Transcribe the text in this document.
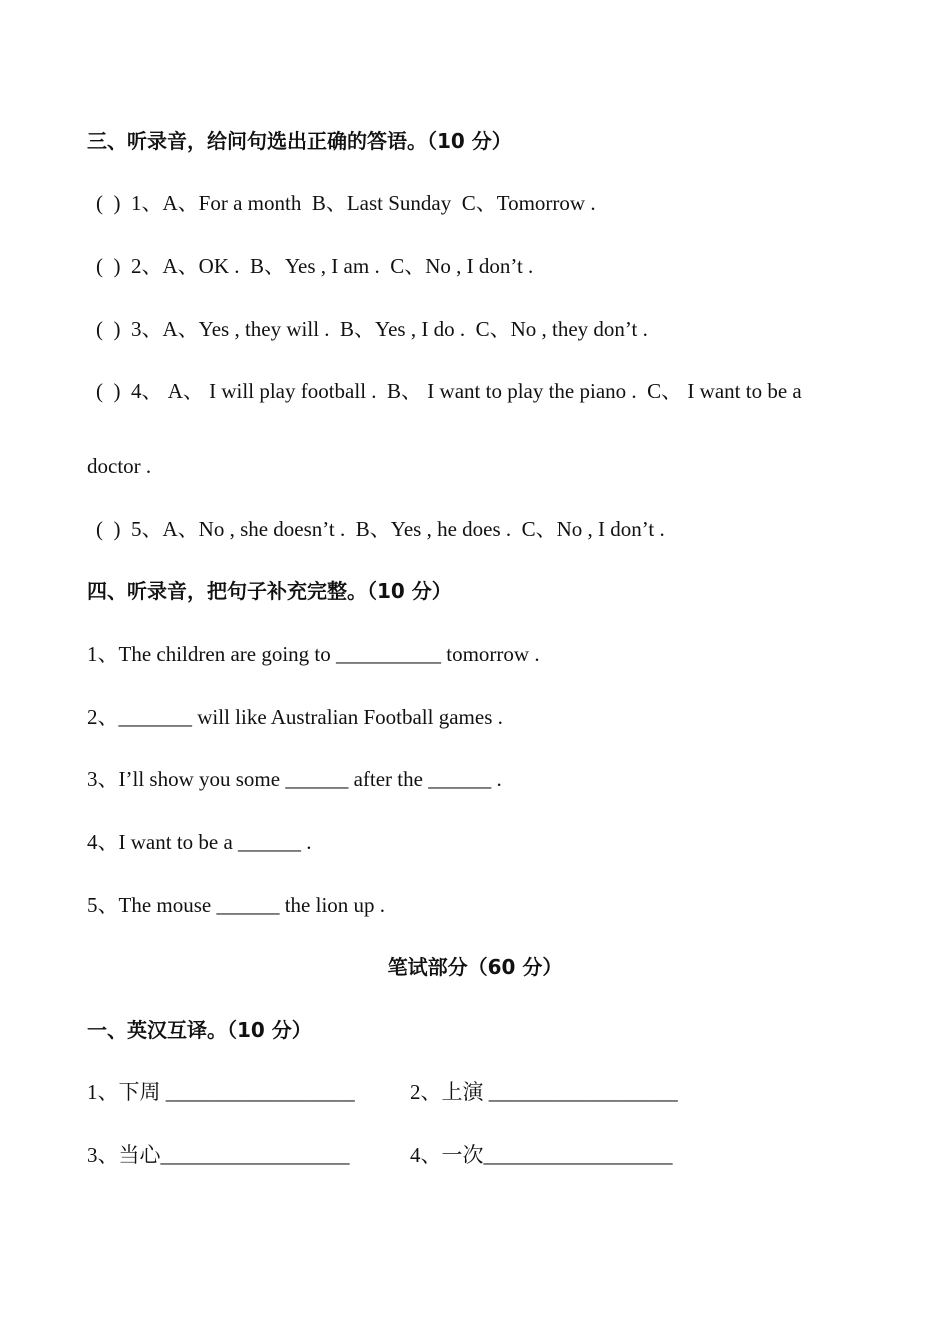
三、听录音，给问句选出正确的答语。（10 分）
(  )  1、A、For a month  B、Last Sunday  C、Tomorrow .
(  )  2、A、OK .  B、Yes , I am .  C、No , I don’t .
(  )  3、A、Yes , they will .  B、Yes , I do .  C、No , they don’t .
(  )  4、 A、 I will play football .  B、 I want to play the piano .  C、 I want to be a
doctor .
(  )  5、A、No , she doesn’t .  B、Yes , he does .  C、No , I don’t .
四、听录音，把句子补充完整。（10 分）
1、The children are going to __________ tomorrow .
2、_______ will like Australian Football games .
3、I’ll show you some ______ after the ______ .
4、I want to be a ______ .
5、The mouse ______ the lion up .
笔试部分（60 分）
一、英汉互译。（10 分）
1、下周 __________________	2、上演 __________________
3、当心__________________	4、一次__________________
